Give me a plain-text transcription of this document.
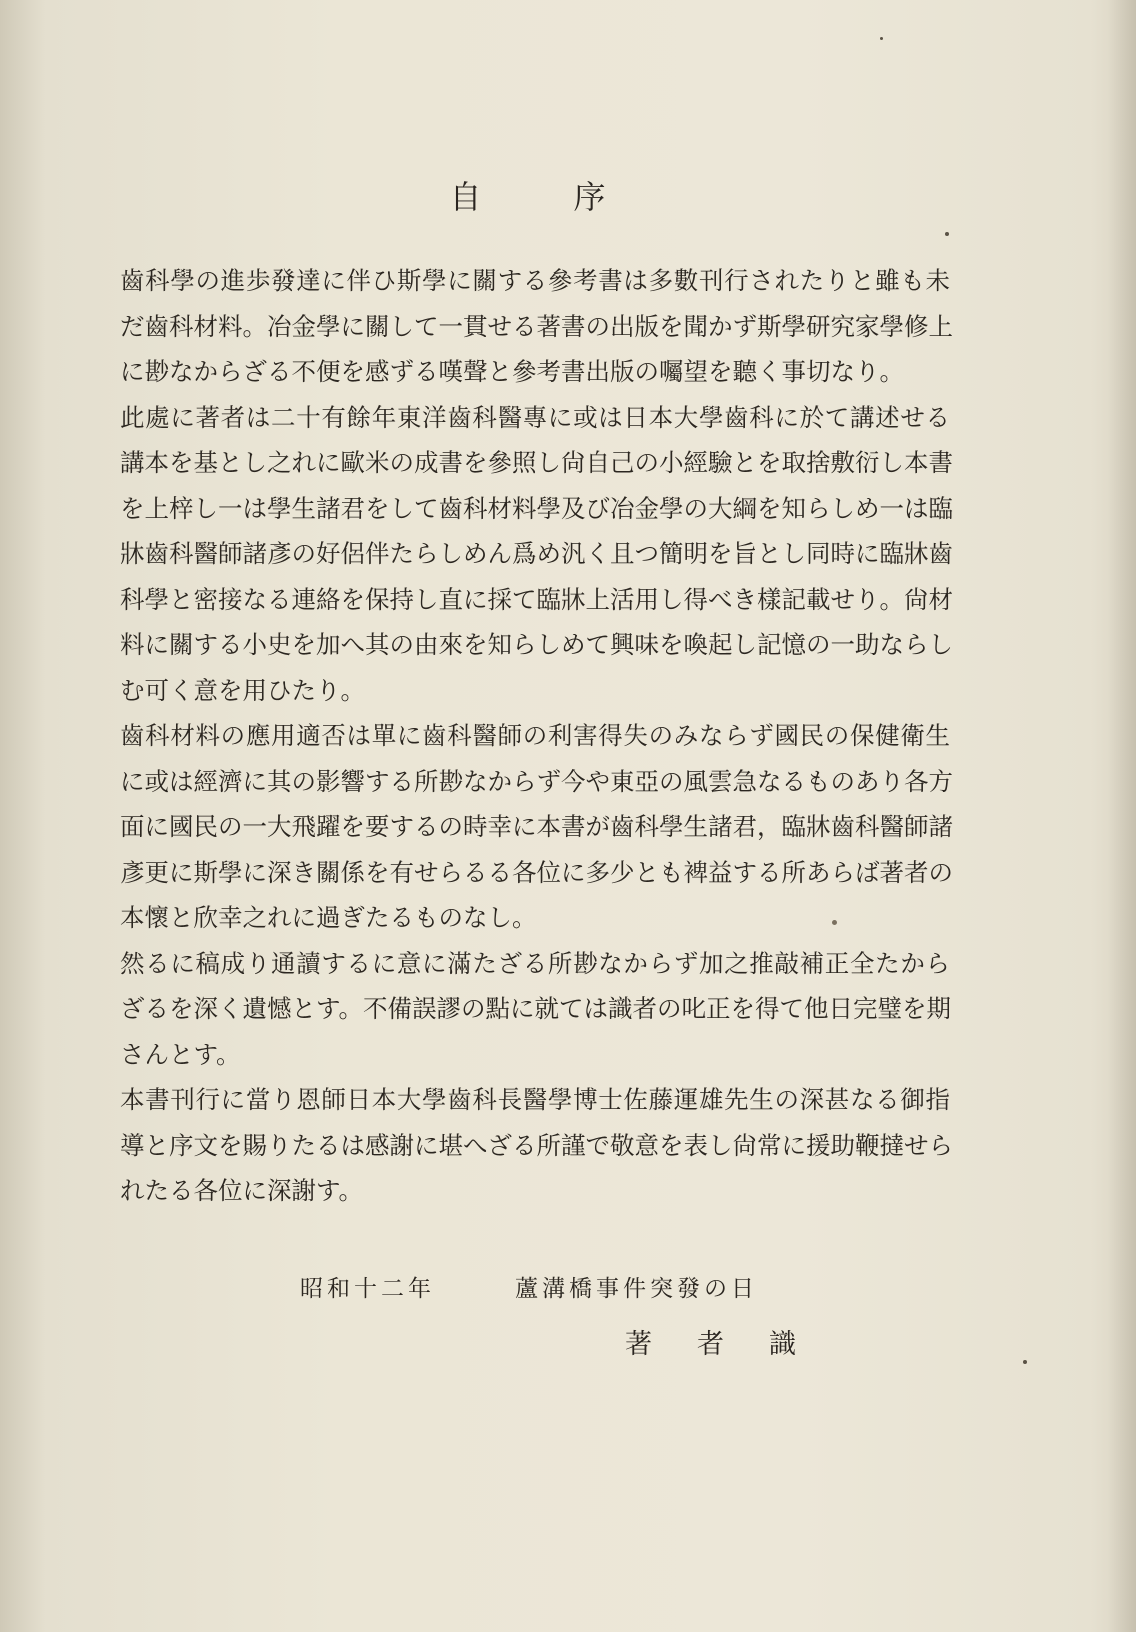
自　序
齒科學の進歩發達に伴ひ斯學に關する參考書は多數刊行されたりと雖も未
だ齒科材料。冶金學に關して一貫せる著書の出版を聞かず斯學研究家學修上
に尠なからざる不便を感ずる嘆聲と參考書出版の囑望を聽く事切なり。
此處に著者は二十有餘年東洋齒科醫專に或は日本大學齒科に於て講述せる
講本を基とし之れに歐米の成書を參照し尙自己の小經驗とを取捨敷衍し本書
を上梓し一は學生諸君をして齒科材料學及び冶金學の大綱を知らしめ一は臨
牀齒科醫師諸彥の好侶伴たらしめん爲め汎く且つ簡明を旨とし同時に臨牀齒
科學と密接なる連絡を保持し直に採て臨牀上活用し得べき樣記載せり。尙材
料に關する小史を加へ其の由來を知らしめて興味を喚起し記憶の一助ならし
む可く意を用ひたり。
齒科材料の應用適否は單に齒科醫師の利害得失のみならず國民の保健衛生
に或は經濟に其の影響する所尠なからず今や東亞の風雲急なるものあり各方
面に國民の一大飛躍を要するの時幸に本書が齒科學生諸君，臨牀齒科醫師諸
彥更に斯學に深き關係を有せらるる各位に多少とも裨益する所あらば著者の
本懷と欣幸之れに過ぎたるものなし。
然るに稿成り通讀するに意に滿たざる所尠なからず加之推敲補正全たから
ざるを深く遺憾とす。不備誤謬の點に就ては識者の叱正を得て他日完璧を期
さんとす。
本書刊行に當り恩師日本大學齒科長醫學博士佐藤運雄先生の深甚なる御指
導と序文を賜りたるは感謝に堪へざる所謹で敬意を表し尙常に援助鞭撻せら
れたる各位に深謝す。
昭和十二年	蘆溝橋事件突發の日
著者識
